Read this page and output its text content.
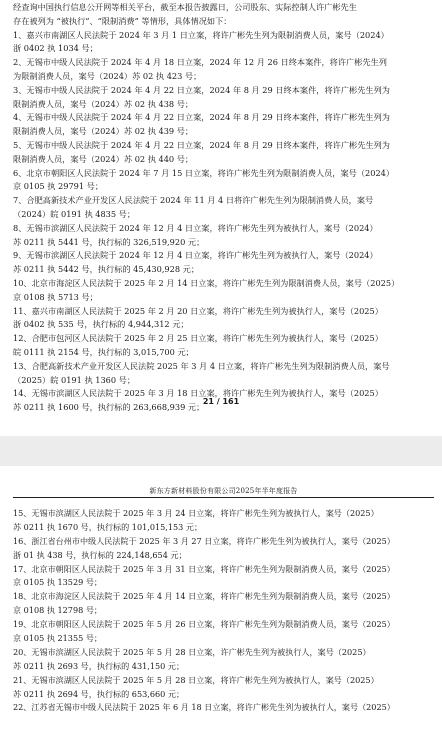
经查询中国执行信息公开网等相关平台，截至本报告披露日，公司股东、实际控制人许广彬先生
存在被列为 “被执行”、“限制消费” 等情形，具体情况如下：
1、嘉兴市南湖区人民法院于 2024 年 3 月 1 日立案，将许广彬先生列为限制消费人员，案号（2024）
浙 0402 执 1034 号；
2、无锡市中级人民法院于 2024 年 4 月 18 日立案，2024 年 12 月 26 日终本案件，将许广彬先生列
为限制消费人员，案号（2024）苏 02 执 423 号；
3、无锡市中级人民法院于 2024 年 4 月 22 日立案，2024 年 8 月 29 日终本案件，将许广彬先生列为
限制消费人员，案号（2024）苏 02 执 438 号；
4、无锡市中级人民法院于 2024 年 4 月 22 日立案，2024 年 8 月 29 日终本案件，将许广彬先生列为
限制消费人员，案号（2024）苏 02 执 439 号；
5、无锡市中级人民法院于 2024 年 4 月 22 日立案，2024 年 8 月 29 日终本案件，将许广彬先生列为
限制消费人员，案号（2024）苏 02 执 440 号；
6、北京市朝阳区人民法院于 2024 年 7 月 15 日立案，将许广彬先生列为限制消费人员，案号（2024）
京 0105 执 29791 号；
7、合肥高新技术产业开发区人民法院于 2024 年 11 月 4 日将许广彬先生列为限制消费人员，案号
（2024）皖 0191 执 4835 号；
8、无锡市滨湖区人民法院于 2024 年 12 月 4 日立案，将许广彬先生列为被执行人，案号（2024）
苏 0211 执 5441 号，执行标的 326,519,920 元；
9、无锡市滨湖区人民法院于 2024 年 12 月 4 日立案，将许广彬先生列为被执行人，案号（2024）
苏 0211 执 5442 号，执行标的 45,430,928 元；
10、北京市海淀区人民法院于 2025 年 2 月 14 日立案，将许广彬先生列为限制消费人员，案号（2025）
京 0108 执 5713 号；
11、嘉兴市南湖区人民法院于 2025 年 2 月 20 日立案，将许广彬先生列为被执行人，案号（2025）
浙 0402 执 535 号，执行标的 4,944,312 元；
12、合肥市包河区人民法院于 2025 年 2 月 25 日立案，将许广彬先生列为被执行人，案号（2025）
皖 0111 执 2154 号，执行标的 3,015,700 元；
13、合肥高新技术产业开发区人民法院 2025 年 3 月 4 日立案，将许广彬先生列为限制消费人员，案号
（2025）皖 0191 执 1360 号；
14、无锡市滨湖区人民法院于 2025 年 3 月 18 日立案，将许广彬先生列为被执行人，案号（2025）
苏 0211 执 1600 号，执行标的 263,668,939 元；
21 / 161
新东方新材料股份有限公司2025年半年度报告
15、无锡市滨湖区人民法院于 2025 年 3 月 24 日立案，将许广彬先生列为被执行人，案号（2025）
苏 0211 执 1670 号，执行标的 101,015,153 元；
16、浙江省台州市中级人民法院于 2025 年 3 月 27 日立案，将许广彬先生列为被执行人，案号（2025）
浙 01 执 438 号，执行标的 224,148,654 元；
17、北京市朝阳区人民法院于 2025 年 3 月 31 日立案，将许广彬先生列为限制消费人员，案号（2025）
京 0105 执 13529 号；
18、北京市海淀区人民法院于 2025 年 4 月 14 日立案，将许广彬先生列为限制消费人员，案号（2025）
京 0108 执 12798 号；
19、北京市朝阳区人民法院于 2025 年 5 月 26 日立案，将许广彬先生列为限制消费人员，案号（2025）
京 0105 执 21355 号；
20、无锡市滨湖区人民法院于 2025 年 5 月 28 日立案，许广彬先生列为被执行人，案号（2025）
苏 0211 执 2693 号，执行标的 431,150 元；
21、无锡市滨湖区人民法院于 2025 年 5 月 28 日立案，将许广彬先生列为被执行人，案号（2025）
苏 0211 执 2694 号，执行标的 653,660 元；
22、江苏省无锡市中级人民法院于 2025 年 6 月 18 日立案，将许广彬先生列为被执行人，案号（2025）
